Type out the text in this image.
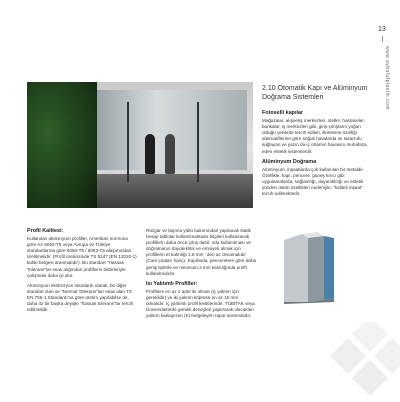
13
www.aybulutplastik.com
2.10 Otomatik Kapı ve Alüminyum Doğrama Sistemleri
Fotoselli kapılar

Mağazalar, alışveriş merkezleri, oteller, hastaneler, bankalar, iş merkezleri gibi, giriş-çıkışların yoğun olduğu yerlerde tercih edilen, ilkimleme özelliği alternatiflerine göre soğuk havalarda ısı tasarrufu sağlayan ve yazın da iç ortamın havasını muhafaza eden estetik sistemlerdir.

Alüminyum Doğrama

Alüminyum, inşaatlarda çok kullanılan bir metaldir. Özellikle, kapı, pencere, güneş kırıcı gibi uygulamalarda, sağlamlığı, dayanıklılığı ve estetik yönden üstün özellikleri nedeniyle, "kaliteli inşaat" tercih edilmektedir.

Profil Kalitesi:

Kullanılan alüminyum profiller, Amerikan normuna göre AA 6063-T5 veya Avrupa ve Türkiye standartlarına göre 6060-T5 / 6063-T5 alaşımından üretilmelidir. (Profil üreticisinde TS 5247 (EN 12020-1) kalite belgesi aranmalıdır). Bu standart "Hassas Tolerans"lar esas alığından profillerin birbirleriyle çalışması daha iyi olur.

Alüminyum ekstrüzyon standardı olarak, bir diğer standart olan ve "Normal Tolerans"ları esas alan TS EN 755-1 Standardı'na göre üretim yapılabilse de, daha öz bir başka deyişle "hassas tolerans"lar tercih edilmelidir.

Rüzgar ve taşıma yükü bakımından yapılacak statik hesap tablolar kullanılmaktadır bilgileri kullanılacak profillerin daha önce çıkış dahil, nda kullanılması ve doğramanın dayanıklılık ve emniyeti almak için profillerin et kalınlığı 1.8 mm ' den az olmamalıdır (Cam çıtaları hariç). Kapılarda, pencerelere göre daha geniş tiplerle ve minimum 2 mm kalınlığında profil kullanılmalıdır.

Isı Yalıtımlı Profiller:

Profillere en az 2 adet iki olmalı (iç yalıtım için gereklidir) ve iki yalıtım köprüsü en az 15 mm olmalıdır. İç yalıtımlı profil kesitlerinde, TÜBİTAK veya Üniversitelerde gerekli deneyleri yaptırarak olacakları yalıtım katsayısını (K) belgeleyen rapor aranmalıdır.
